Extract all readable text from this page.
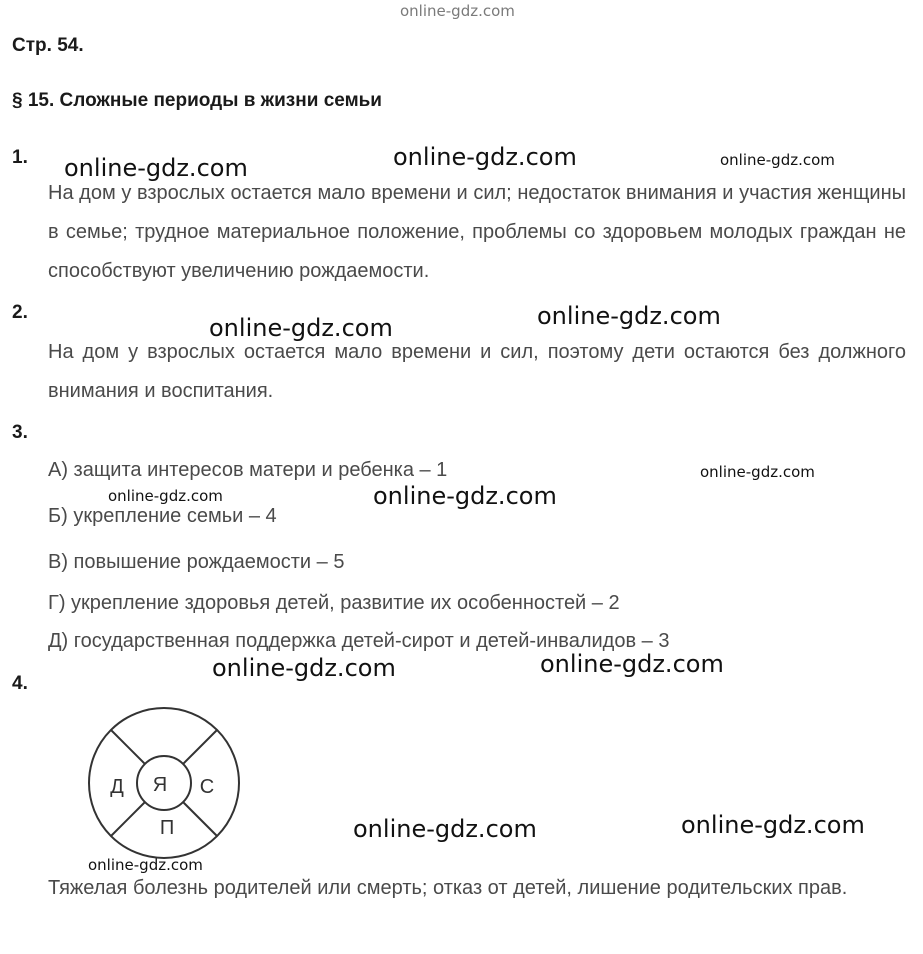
online-gdz.com
Стр. 54.
§ 15. Сложные периоды в жизни семьи
1. online-gdz.com	online-gdz.com	online-gdz.com
На дом у взрослых остается мало времени и сил; недостаток внимания и участия женщины в семье; трудное материальное положение, проблемы со здоровьем молодых граждан не способствуют увеличению рождаемости.
2.
online-gdz.com	online-gdz.com
На дом у взрослых остается мало времени и сил, поэтому дети остаются без должного внимания и воспитания.
3.
А) защита интересов матери и ребенка – 1	online-gdz.com
online-gdz.com	online-gdz.com
Б) укрепление семьи – 4
В) повышение рождаемости – 5
Г) укрепление здоровья детей, развитие их особенностей – 2
Д) государственная поддержка детей-сирот и детей-инвалидов – 3
online-gdz.com	online-gdz.com
4.
Я
Д	С
П	online-gdz.com	online-gdz.com
online-gdz.com
Тяжелая болезнь родителей или смерть; отказ от детей, лишение родительских прав.
